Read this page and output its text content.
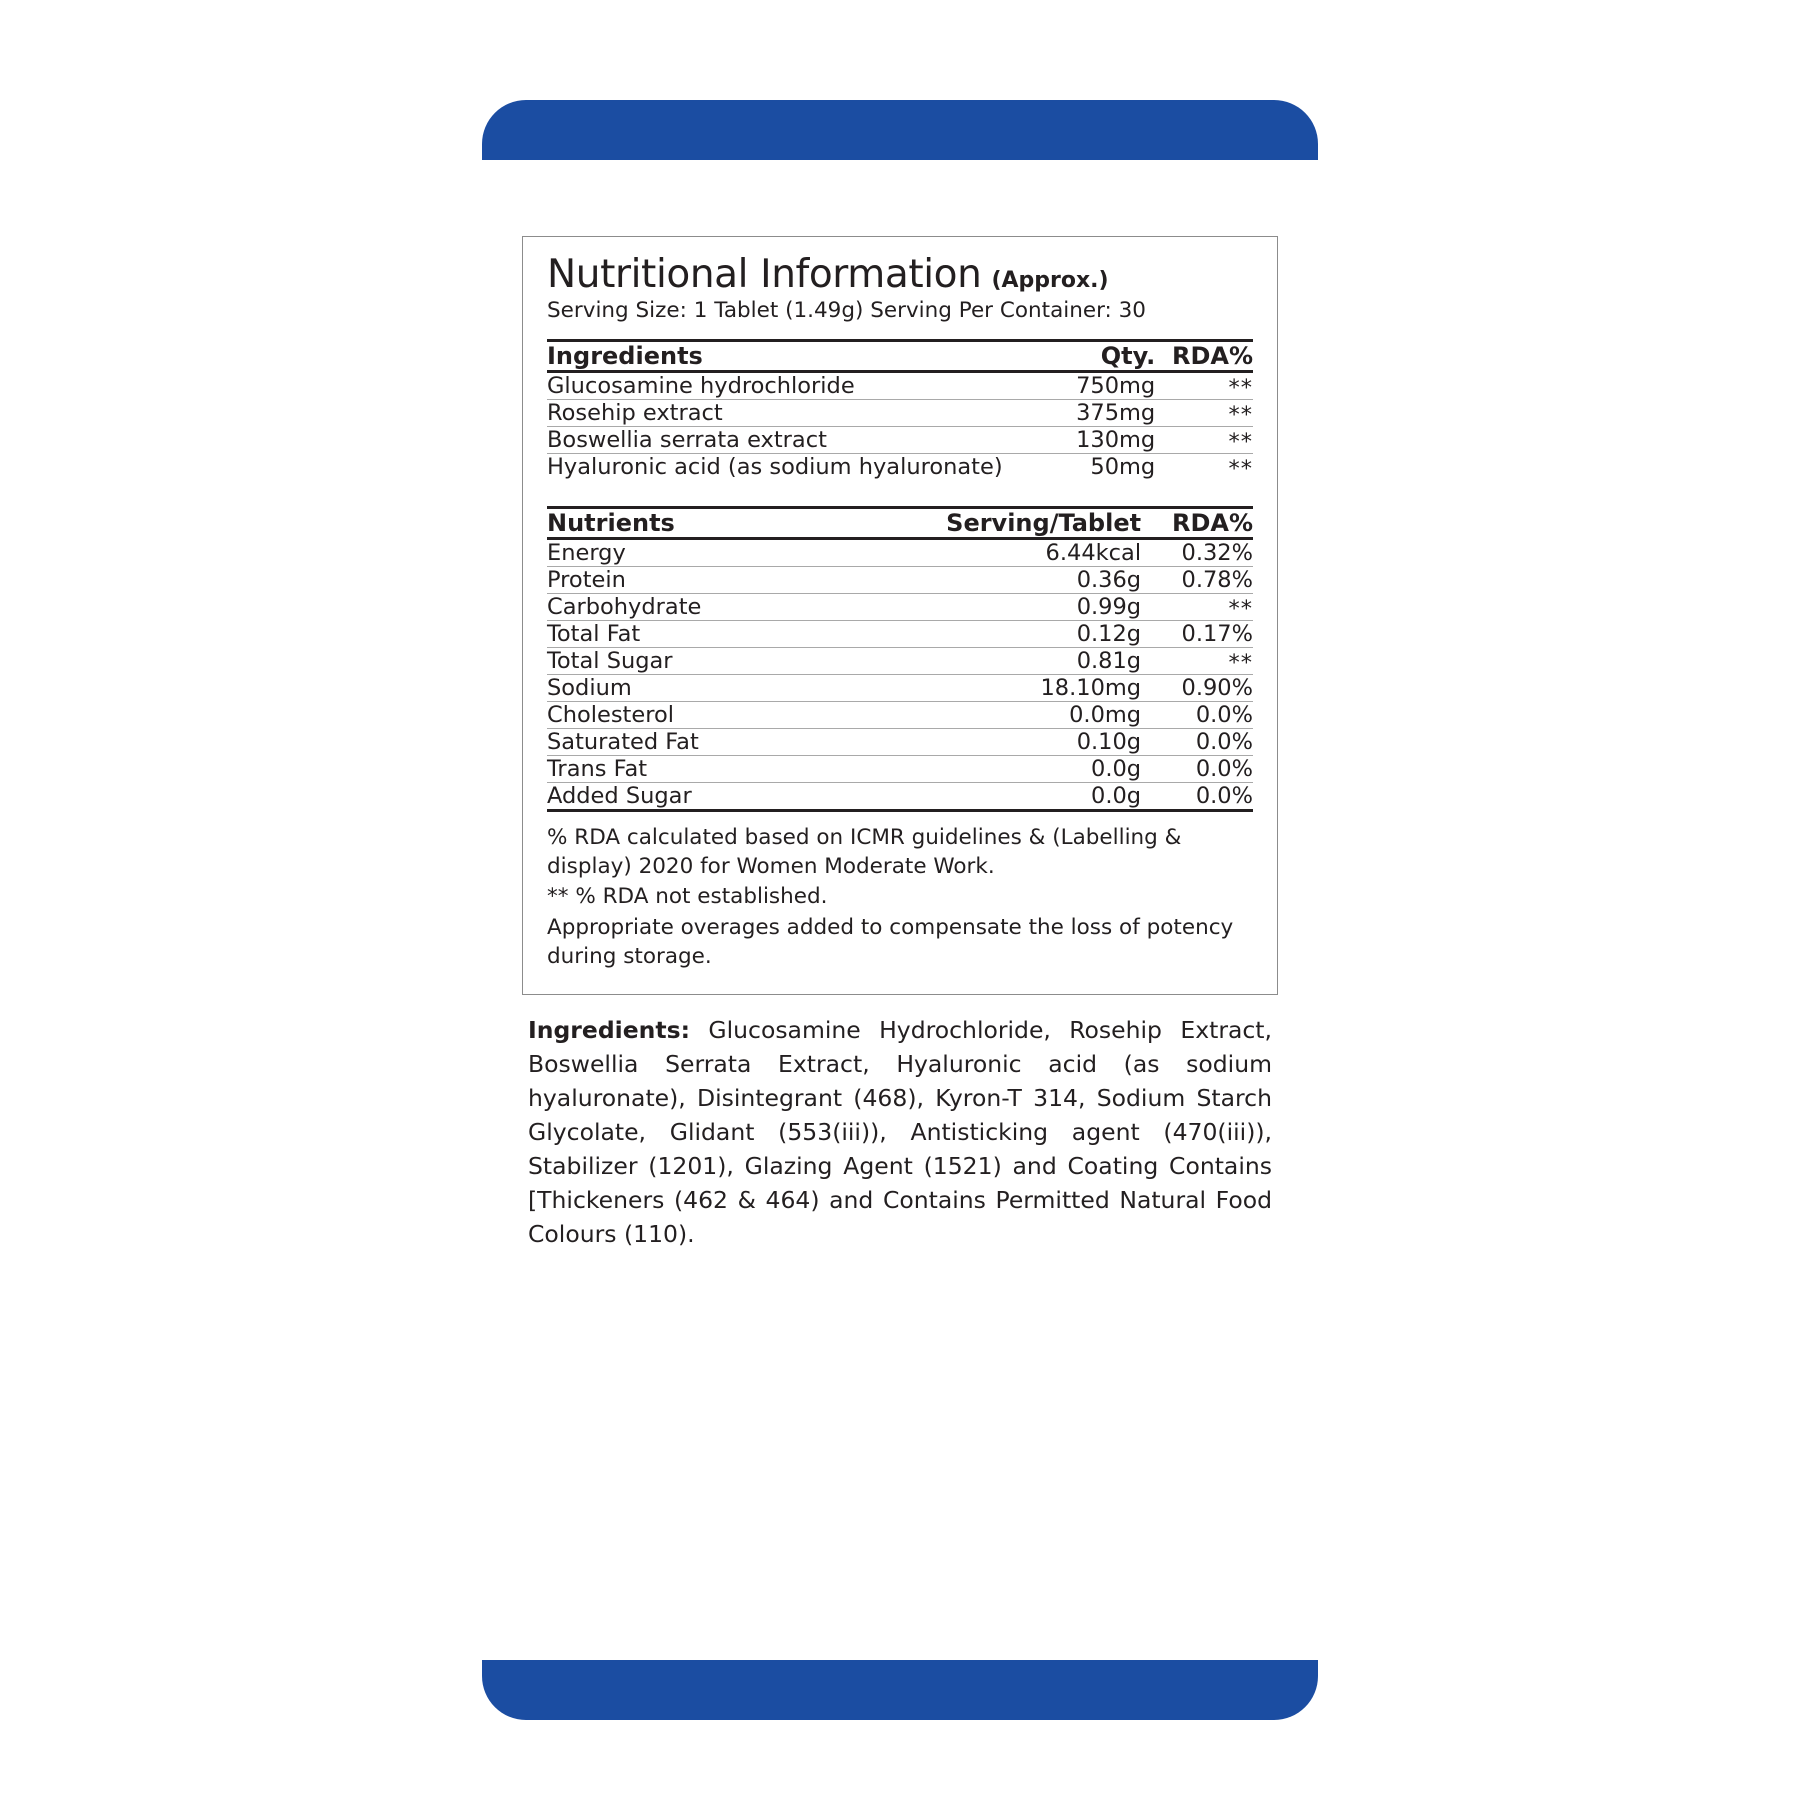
Nutritional Information (Approx.)
Serving Size: 1 Tablet (1.49g) Serving Per Container: 30
Ingredients	Qty.	RDA%
Glucosamine hydrochloride	750mg	**
Rosehip extract	375mg	**
Boswellia serrata extract	130mg	**
Hyaluronic acid (as sodium hyaluronate)	50mg	**
Nutrients	Serving/Tablet	RDA%
Energy	6.44kcal	0.32%
Protein	0.36g	0.78%
Carbohydrate	0.99g	**
Total Fat	0.12g	0.17%
Total Sugar	0.81g	**
Sodium	18.10mg	0.90%
Cholesterol	0.0mg	0.0%
Saturated Fat	0.10g	0.0%
Trans Fat	0.0g	0.0%
Added Sugar	0.0g	0.0%

% RDA calculated based on ICMR guidelines & (Labelling & display) 2020 for Women Moderate Work.

** % RDA not established.

Appropriate overages added to compensate the loss of potency during storage.

Ingredients: Glucosamine Hydrochloride, Rosehip Extract, Boswellia Serrata Extract, Hyaluronic acid (as sodium hyaluronate), Disintegrant (468), Kyron-T 314, Sodium Starch Glycolate, Glidant (553(iii)), Antisticking agent (470(iii)), Stabilizer (1201), Glazing Agent (1521) and Coating Contains [Thickeners (462 & 464) and Contains Permitted Natural Food Colours (110).
